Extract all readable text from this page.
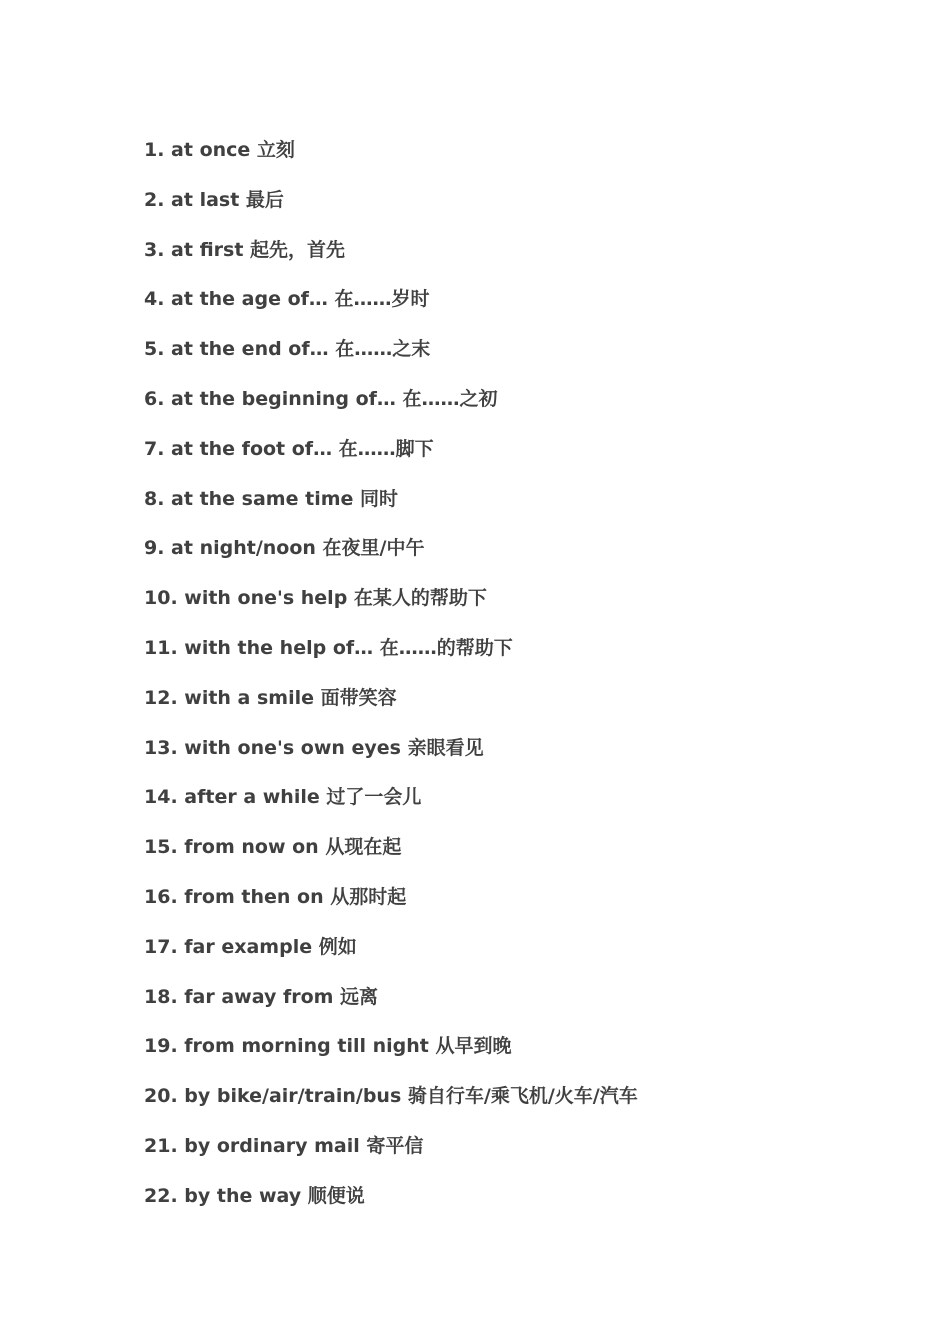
1. at once 立刻
2. at last 最后
3. at first 起先，首先
4. at the age of… 在……岁时
5. at the end of… 在……之末
6. at the beginning of… 在……之初
7. at the foot of… 在……脚下
8. at the same time 同时
9. at night/noon 在夜里/中午
10. with one's help 在某人的帮助下
11. with the help of… 在……的帮助下
12. with a smile 面带笑容
13. with one's own eyes 亲眼看见
14. after a while 过了一会儿
15. from now on 从现在起
16. from then on 从那时起
17. far example 例如
18. far away from 远离
19. from morning till night 从早到晚
20. by bike/air/train/bus 骑自行车/乘飞机/火车/汽车
21. by ordinary mail 寄平信
22. by the way 顺便说
